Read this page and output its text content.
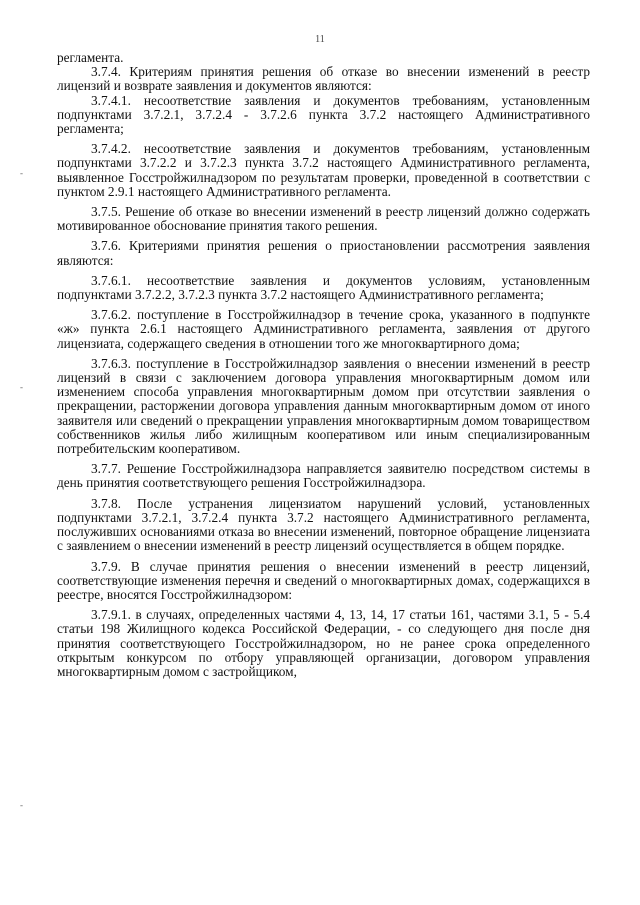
11
-
-
-

регламента.

3.7.4. Критериям принятия решения об отказе во внесении изменений в реестр лицензий и возврате заявления и документов являются:

3.7.4.1. несоответствие заявления и документов требованиям, установленным подпунктами 3.7.2.1, 3.7.2.4 - 3.7.2.6 пункта 3.7.2 настоящего Административного регламента;

3.7.4.2. несоответствие заявления и документов требованиям, установленным подпунктами 3.7.2.2 и 3.7.2.3 пункта 3.7.2 настоящего Административного регламента, выявленное Госстройжилнадзором по результатам проверки, проведенной в соответствии с пунктом 2.9.1 настоящего Административного регламента.

3.7.5. Решение об отказе во внесении изменений в реестр лицензий должно содержать мотивированное обоснование принятия такого решения.

3.7.6. Критериями принятия решения о приостановлении рассмотрения заявления являются:

3.7.6.1. несоответствие заявления и документов условиям, установленным подпунктами 3.7.2.2, 3.7.2.3 пункта 3.7.2 настоящего Административного регламента;

3.7.6.2. поступление в Госстройжилнадзор в течение срока, указанного в подпункте «ж» пункта 2.6.1 настоящего Административного регламента, заявления от другого лицензиата, содержащего сведения в отношении того же многоквартирного дома;

3.7.6.3. поступление в Госстройжилнадзор заявления о внесении изменений в реестр лицензий в связи с заключением договора управления многоквартирным домом или изменением способа управления многоквартирным домом при отсутствии заявления о прекращении, расторжении договора управления данным многоквартирным домом от иного заявителя или сведений о прекращении управления многоквартирным домом товариществом собственников жилья либо жилищным кооперативом или иным специализированным потребительским кооперативом.

3.7.7. Решение Госстройжилнадзора направляется заявителю посредством системы в день принятия соответствующего решения Госстройжилнадзора.

3.7.8. После устранения лицензиатом нарушений условий, установленных подпунктами 3.7.2.1, 3.7.2.4 пункта 3.7.2 настоящего Административного регламента, послуживших основаниями отказа во внесении изменений, повторное обращение лицензиата с заявлением о внесении изменений в реестр лицензий осуществляется в общем порядке.

3.7.9. В случае принятия решения о внесении изменений в реестр лицензий, соответствующие изменения перечня и сведений о многоквартирных домах, содержащихся в реестре, вносятся Госстройжилнадзором:

3.7.9.1. в случаях, определенных частями 4, 13, 14, 17 статьи 161, частями 3.1, 5 - 5.4 статьи 198 Жилищного кодекса Российской Федерации, - со следующего дня после дня принятия соответствующего Госстройжилнадзором, но не ранее срока определенного открытым конкурсом по отбору управляющей организации, договором управления многоквартирным домом с застройщиком,
